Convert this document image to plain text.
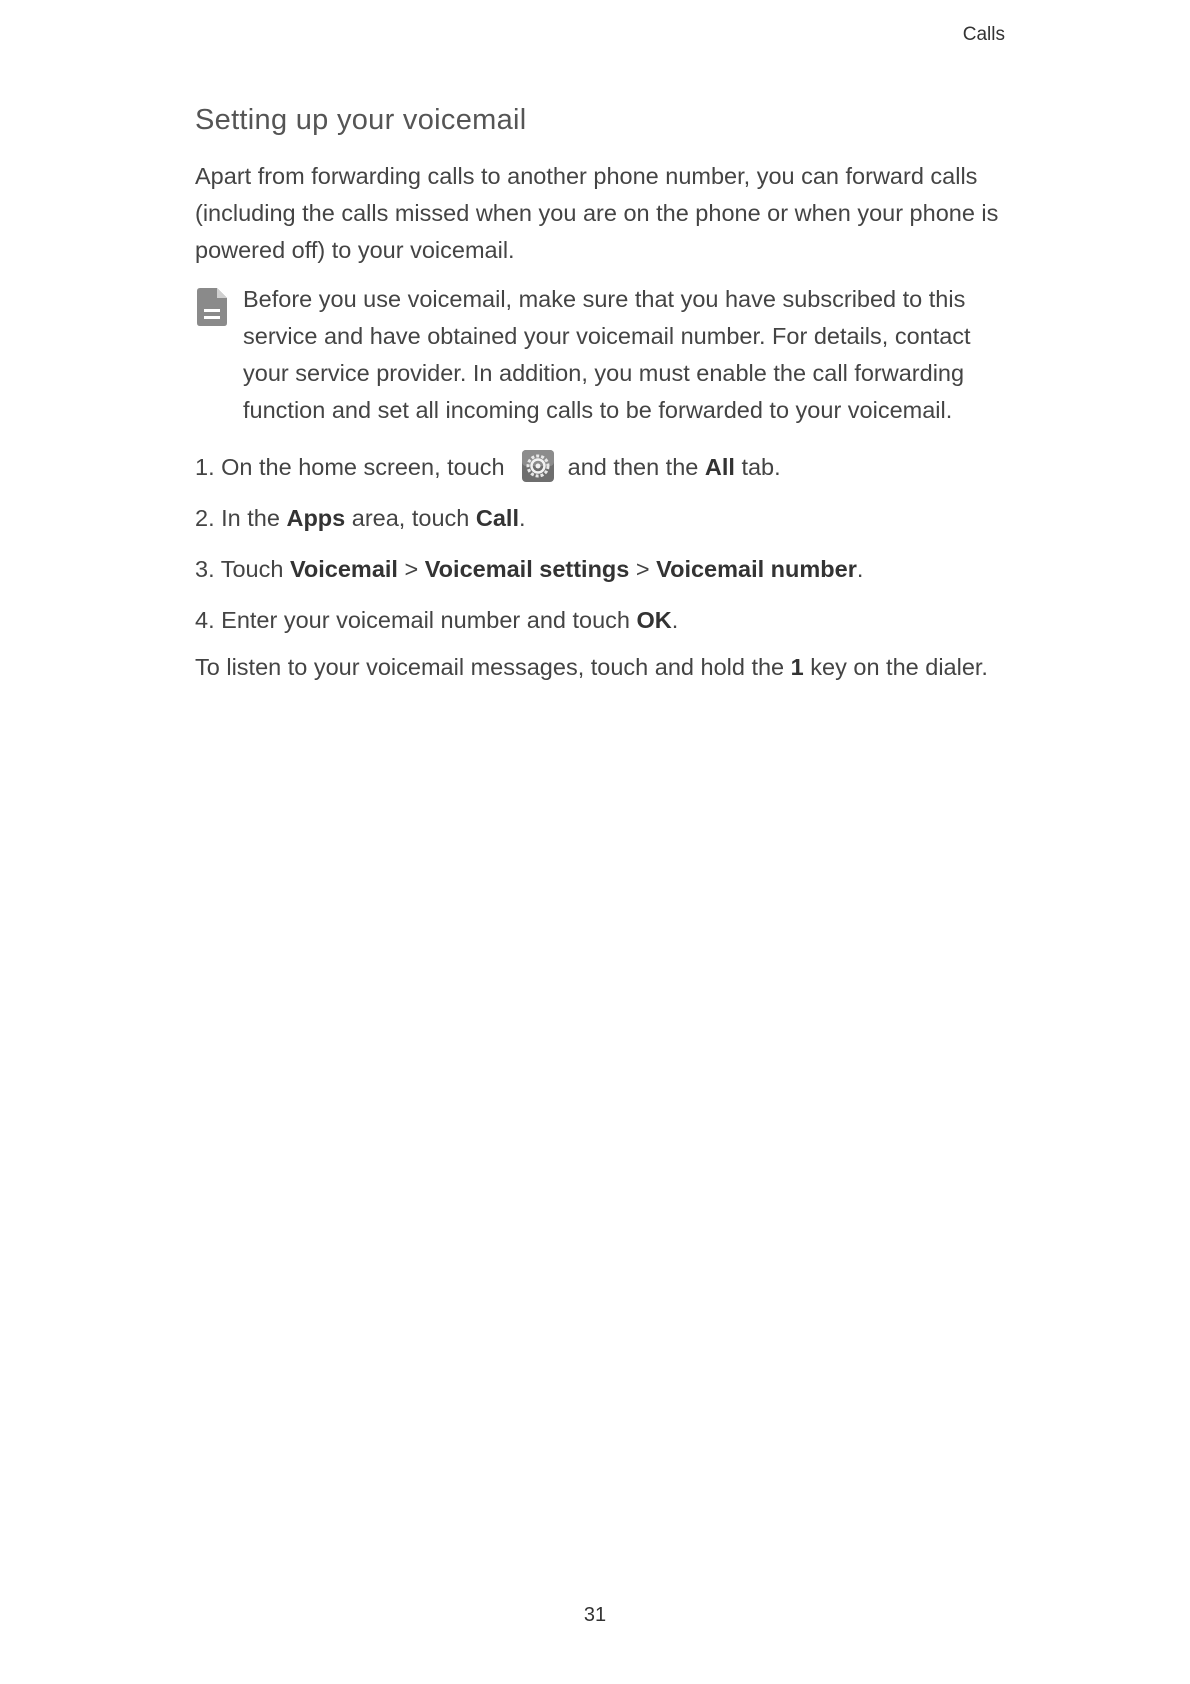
Calls
Setting up your voicemail

Apart from forwarding calls to another phone number, you can forward calls (including the calls missed when you are on the phone or when your phone is powered off) to your voicemail.

Before you use voicemail, make sure that you have subscribed to this service and have obtained your voicemail number. For details, contact your service provider. In addition, you must enable the call forwarding function and set all incoming calls to be forwarded to your voicemail.

1. On the home screen, touch	and then the All tab.
2. In the Apps area, touch Call.
3. Touch Voicemail > Voicemail settings > Voicemail number.
4. Enter your voicemail number and touch OK.

To listen to your voicemail messages, touch and hold the 1 key on the dialer.

31
